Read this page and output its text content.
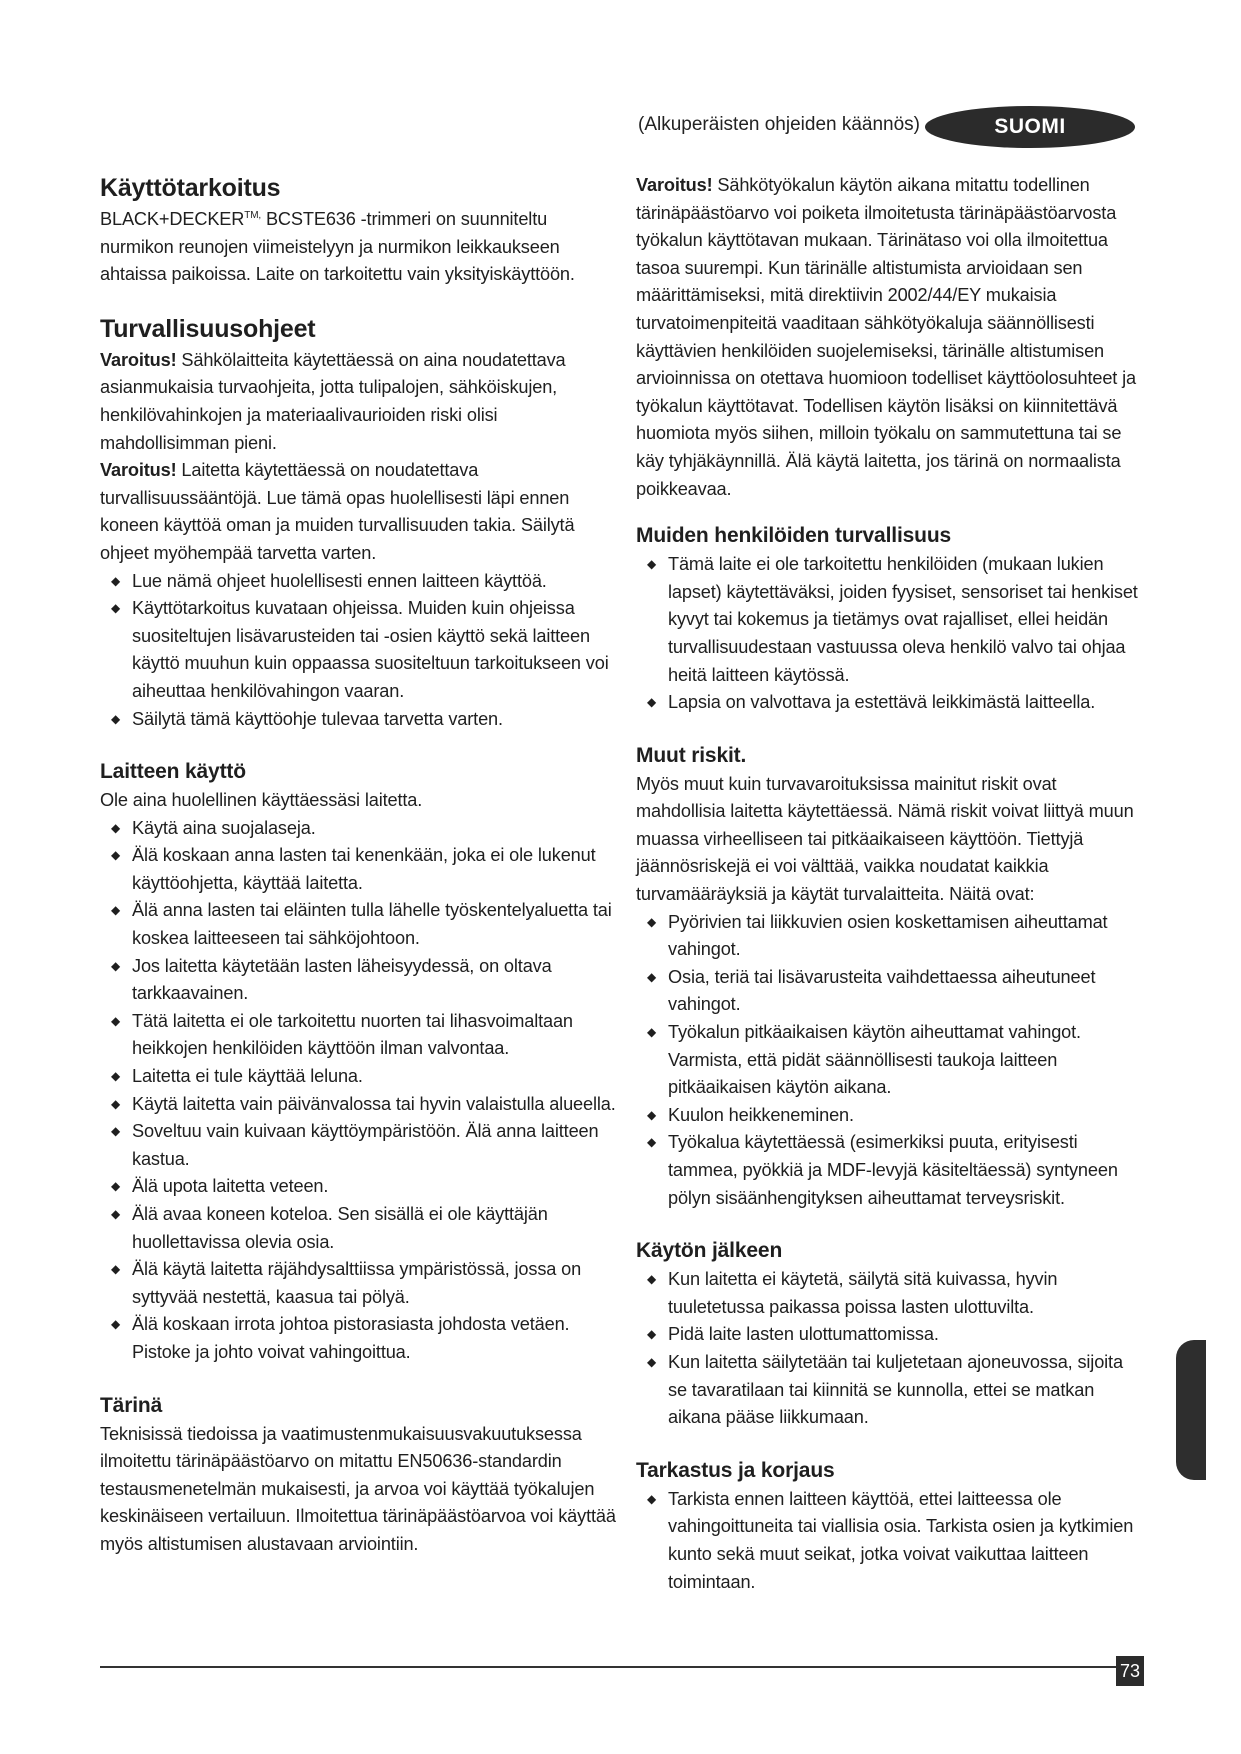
(Alkuperäisten ohjeiden käännös)	SUOMI
Käyttötarkoitus

$BLACK+DECKER^{TM,}$ BCSTE636 -trimmeri on suunniteltu nurmikon reunojen viimeistelyyn ja nurmikon leikkaukseen ahtaissa paikoissa. Laite on tarkoitettu vain yksityiskäyttöön.

Turvallisuusohjeet

Varoitus! Sähkölaitteita käytettäessä on aina noudatettava asianmukaisia turvaohjeita, jotta tulipalojen, sähköiskujen, henkilövahinkojen ja materiaalivaurioiden riski olisi mahdollisimman pieni.

Varoitus! Laitetta käytettäessä on noudatettava turvallisuussääntöjä. Lue tämä opas huolellisesti läpi ennen koneen käyttöä oman ja muiden turvallisuuden takia. Säilytä ohjeet myöhempää tarvetta varten.

◆ Lue nämä ohjeet huolellisesti ennen laitteen käyttöä.
◆ Käyttötarkoitus kuvataan ohjeissa. Muiden kuin ohjeissa suositeltujen lisävarusteiden tai -osien käyttö sekä laitteen käyttö muuhun kuin oppaassa suositeltuun tarkoitukseen voi aiheuttaa henkilövahingon vaaran.
◆ Säilytä tämä käyttöohje tulevaa tarvetta varten.
Laitteen käyttö

Ole aina huolellinen käyttäessäsi laitetta.

◆ Käytä aina suojalaseja.
◆ Älä koskaan anna lasten tai kenenkään, joka ei ole lukenut käyttöohjetta, käyttää laitetta.
◆ Älä anna lasten tai eläinten tulla lähelle työskentelyaluetta tai koskea laitteeseen tai sähköjohtoon.
◆ Jos laitetta käytetään lasten läheisyydessä, on oltava tarkkaavainen.
◆ Tätä laitetta ei ole tarkoitettu nuorten tai lihasvoimaltaan heikkojen henkilöiden käyttöön ilman valvontaa.
◆ Laitetta ei tule käyttää leluna.
◆ Käytä laitetta vain päivänvalossa tai hyvin valaistulla alueella.
◆ Soveltuu vain kuivaan käyttöympäristöön. Älä anna laitteen kastua.
◆ Älä upota laitetta veteen.
◆ Älä avaa koneen koteloa. Sen sisällä ei ole käyttäjän huollettavissa olevia osia.
◆ Älä käytä laitetta räjähdysalttiissa ympäristössä, jossa on syttyvää nestettä, kaasua tai pölyä.
◆ Älä koskaan irrota johtoa pistorasiasta johdosta vetäen. Pistoke ja johto voivat vahingoittua.
Tärinä

Teknisissä tiedoissa ja vaatimustenmukaisuusvakuutuksessa ilmoitettu tärinäpäästöarvo on mitattu EN50636-standardin testausmenetelmän mukaisesti, ja arvoa voi käyttää työkalujen keskinäiseen vertailuun. Ilmoitettua tärinäpäästöarvoa voi käyttää myös altistumisen alustavaan arviointiin.

Varoitus! Sähkötyökalun käytön aikana mitattu todellinen tärinäpäästöarvo voi poiketa ilmoitetusta tärinäpäästöarvosta työkalun käyttötavan mukaan. Tärinätaso voi olla ilmoitettua tasoa suurempi. Kun tärinälle altistumista arvioidaan sen määrittämiseksi, mitä direktiivin 2002/44/EY mukaisia turvatoimenpiteitä vaaditaan sähkötyökaluja säännöllisesti käyttävien henkilöiden suojelemiseksi, tärinälle altistumisen arvioinnissa on otettava huomioon todelliset käyttöolosuhteet ja työkalun käyttötavat. Todellisen käytön lisäksi on kiinnitettävä huomiota myös siihen, milloin työkalu on sammutettuna tai se käy tyhjäkäynnillä. Älä käytä laitetta, jos tärinä on normaalista poikkeavaa.

Muiden henkilöiden turvallisuus
◆ Tämä laite ei ole tarkoitettu henkilöiden (mukaan lukien lapset) käytettäväksi, joiden fyysiset, sensoriset tai henkiset kyvyt tai kokemus ja tietämys ovat rajalliset, ellei heidän turvallisuudestaan vastuussa oleva henkilö valvo tai ohjaa heitä laitteen käytössä.
◆ Lapsia on valvottava ja estettävä leikkimästä laitteella.
Muut riskit.

Myös muut kuin turvavaroituksissa mainitut riskit ovat mahdollisia laitetta käytettäessä. Nämä riskit voivat liittyä muun muassa virheelliseen tai pitkäaikaiseen käyttöön. Tiettyjä jäännösriskejä ei voi välttää, vaikka noudatat kaikkia turvamääräyksiä ja käytät turvalaitteita. Näitä ovat:

◆ Pyörivien tai liikkuvien osien koskettamisen aiheuttamat vahingot.
◆ Osia, teriä tai lisävarusteita vaihdettaessa aiheutuneet vahingot.
◆ Työkalun pitkäaikaisen käytön aiheuttamat vahingot. Varmista, että pidät säännöllisesti taukoja laitteen pitkäaikaisen käytön aikana.
◆ Kuulon heikkeneminen.
◆ Työkalua käytettäessä (esimerkiksi puuta, erityisesti tammea, pyökkiä ja MDF-levyjä käsiteltäessä) syntyneen pölyn sisäänhengityksen aiheuttamat terveysriskit.
Käytön jälkeen
◆ Kun laitetta ei käytetä, säilytä sitä kuivassa, hyvin tuuletetussa paikassa poissa lasten ulottuvilta.
◆ Pidä laite lasten ulottumattomissa.
◆ Kun laitetta säilytetään tai kuljetetaan ajoneuvossa, sijoita se tavaratilaan tai kiinnitä se kunnolla, ettei se matkan aikana pääse liikkumaan.
Tarkastus ja korjaus
◆ Tarkista ennen laitteen käyttöä, ettei laitteessa ole vahingoittuneita tai viallisia osia. Tarkista osien ja kytkimien kunto sekä muut seikat, jotka voivat vaikuttaa laitteen toimintaan.
73
